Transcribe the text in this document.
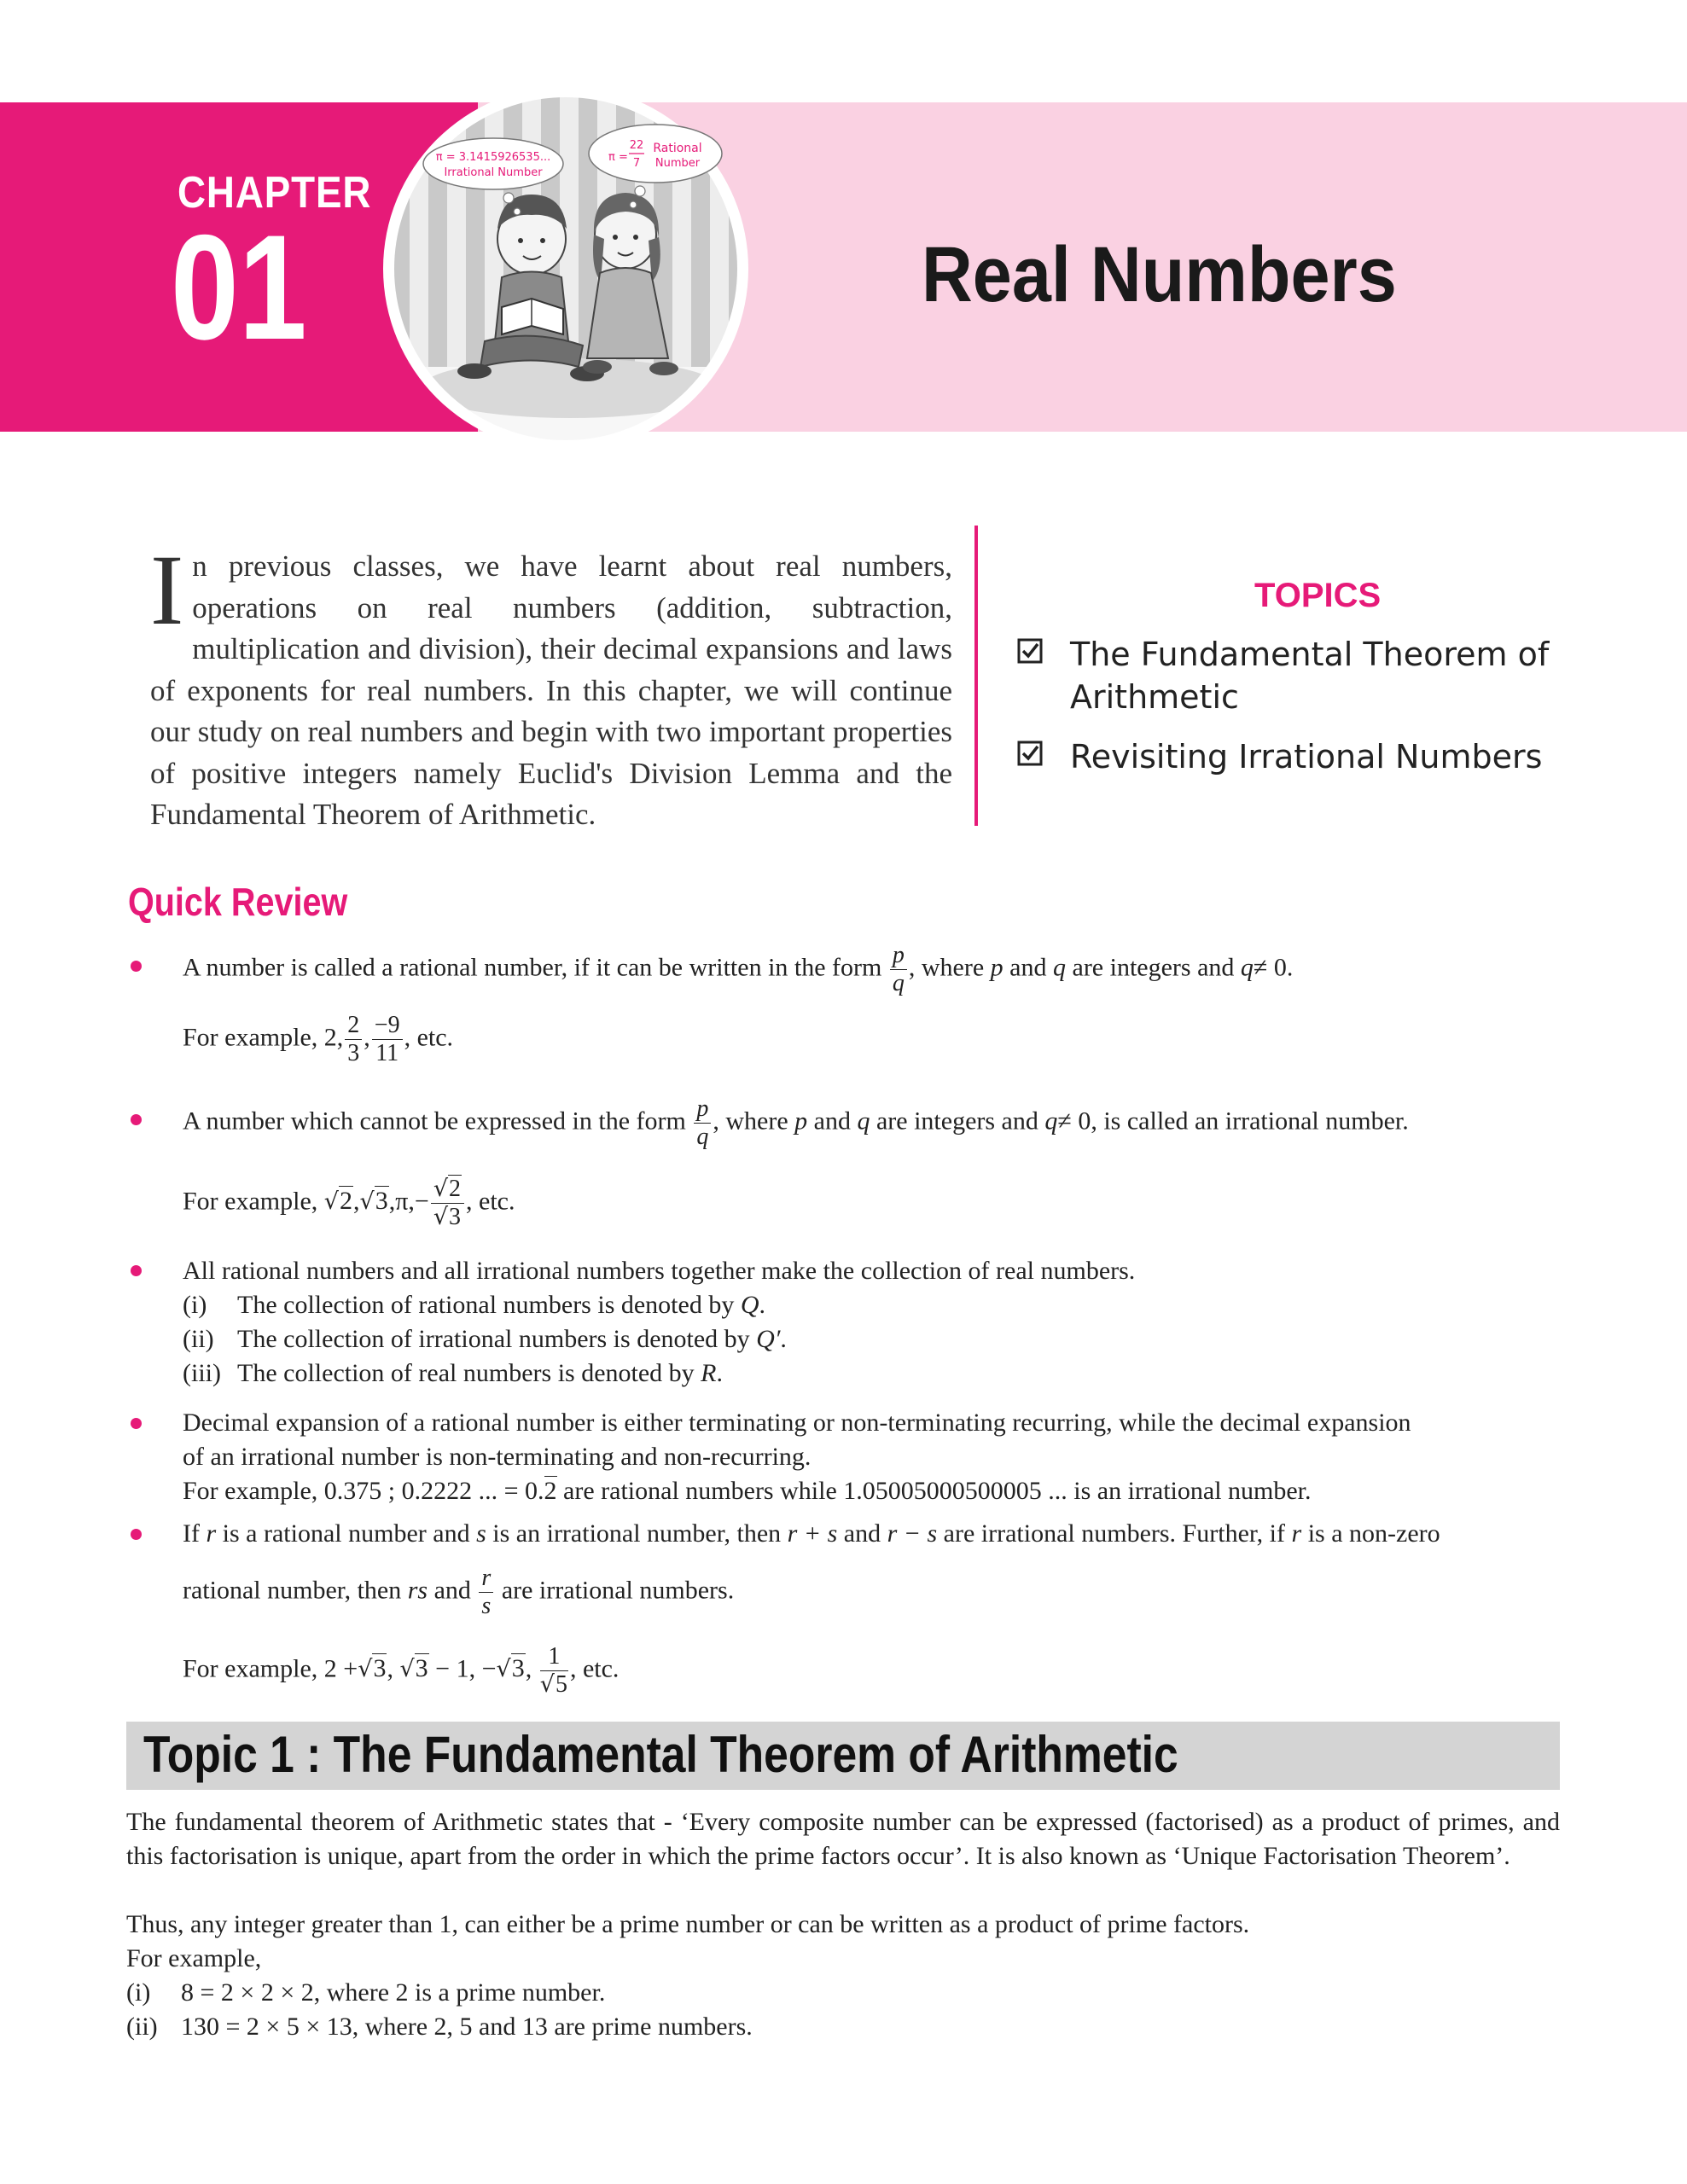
CHAPTER
01
π = 3.1415926535...
Irrational Number
π =
22
7
Rational
Number
Real Numbers
In previous classes, we have learnt about real numbers, operations on real numbers (addition, subtraction, multiplication and division), their decimal expansions and laws of exponents for real numbers. In this chapter, we will continue our study on real numbers and begin with two important properties of positive integers namely Euclid's Division Lemma and the Fundamental Theorem of Arithmetic.
TOPICS
The Fundamental Theorem of Arithmetic
Revisiting Irrational Numbers
Quick Review
A number is called a rational number, if it can be written in the form $\frac{p}{q}$ , where p and q are integers and q≠ 0.
For example, 2, $\frac{2}{3}$ , $\frac{-9}{11}$ , etc.
A number which cannot be expressed in the form $\frac{p}{q}$ , where p and q are integers and q≠ 0, is called an irrational number.
For example, $√2,√3,\pi,- \frac{√2}{√3}$ , etc.
All rational numbers and all irrational numbers together make the collection of real numbers.
(i) The collection of rational numbers is denoted by Q.
(ii) The collection of irrational numbers is denoted by Q′.
(iii) The collection of real numbers is denoted by R.
Decimal expansion of a rational number is either terminating or non-terminating recurring, while the decimal expansion
of an irrational number is non-terminating and non-recurring.
For example, 0.375 ; 0.2222 ... = 0.2 are rational numbers while 1.05005000500005 ... is an irrational number.
If r is a rational number and s is an irrational number, then r + s and r − s are irrational numbers. Further, if r is a non-zero
rational number, then rs and $\frac{r}{s}$ are irrational numbers.
For example, 2 +√3, √3 − 1, −√3, $\frac{1}{√5}$ , etc.
Topic 1 : The Fundamental Theorem of Arithmetic
The fundamental theorem of Arithmetic states that - ‘Every composite number can be expressed (factorised) as a product of primes, and this factorisation is unique, apart from the order in which the prime factors occur’. It is also known as ‘Unique Factorisation Theorem’.
Thus, any integer greater than 1, can either be a prime number or can be written as a product of prime factors.
For example,
(i) 8 = 2 × 2 × 2, where 2 is a prime number.
(ii) 130 = 2 × 5 × 13, where 2, 5 and 13 are prime numbers.
